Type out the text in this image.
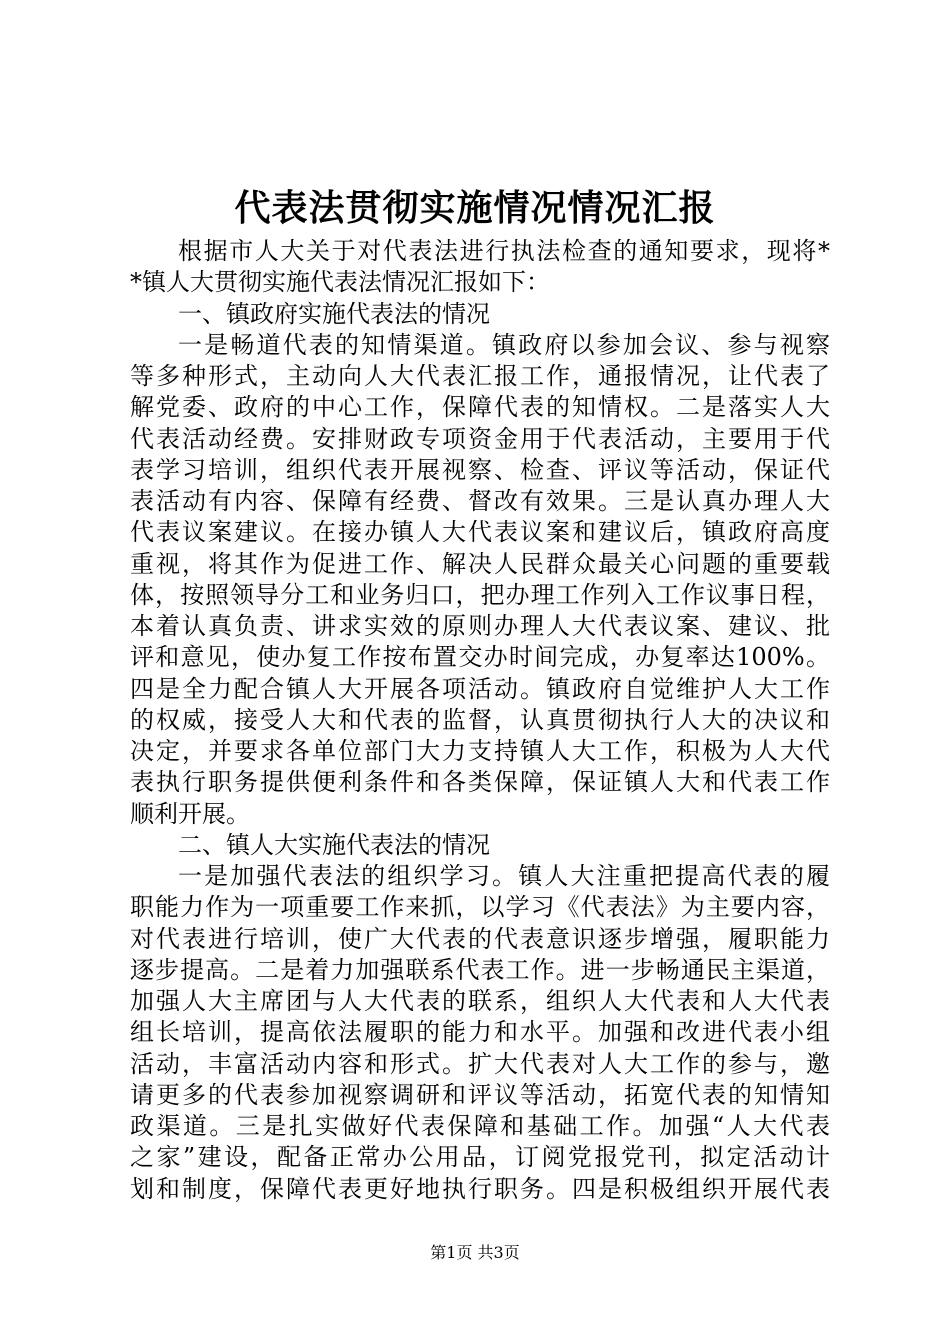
代表法贯彻实施情况情况汇报
根据市人大关于对代表法进行执法检查的通知要求，现将*
*镇人大贯彻实施代表法情况汇报如下：
一、镇政府实施代表法的情况
一是畅道代表的知情渠道。镇政府以参加会议、参与视察
等多种形式，主动向人大代表汇报工作，通报情况，让代表了
解党委、政府的中心工作，保障代表的知情权。二是落实人大
代表活动经费。安排财政专项资金用于代表活动，主要用于代
表学习培训，组织代表开展视察、检查、评议等活动，保证代
表活动有内容、保障有经费、督改有效果。三是认真办理人大
代表议案建议。在接办镇人大代表议案和建议后，镇政府高度
重视，将其作为促进工作、解决人民群众最关心问题的重要载
体，按照领导分工和业务归口，把办理工作列入工作议事日程，
本着认真负责、讲求实效的原则办理人大代表议案、建议、批
评和意见，使办复工作按布置交办时间完成，办复率达100%。
四是全力配合镇人大开展各项活动。镇政府自觉维护人大工作
的权威，接受人大和代表的监督，认真贯彻执行人大的决议和
决定，并要求各单位部门大力支持镇人大工作，积极为人大代
表执行职务提供便利条件和各类保障，保证镇人大和代表工作
顺利开展。
二、镇人大实施代表法的情况
一是加强代表法的组织学习。镇人大注重把提高代表的履
职能力作为一项重要工作来抓，以学习《代表法》为主要内容，
对代表进行培训，使广大代表的代表意识逐步增强，履职能力
逐步提高。二是着力加强联系代表工作。进一步畅通民主渠道，
加强人大主席团与人大代表的联系，组织人大代表和人大代表
组长培训，提高依法履职的能力和水平。加强和改进代表小组
活动，丰富活动内容和形式。扩大代表对人大工作的参与，邀
请更多的代表参加视察调研和评议等活动，拓宽代表的知情知
政渠道。三是扎实做好代表保障和基础工作。加强“人大代表
之家”建设，配备正常办公用品，订阅党报党刊，拟定活动计
划和制度，保障代表更好地执行职务。四是积极组织开展代表
第1页 共3页
